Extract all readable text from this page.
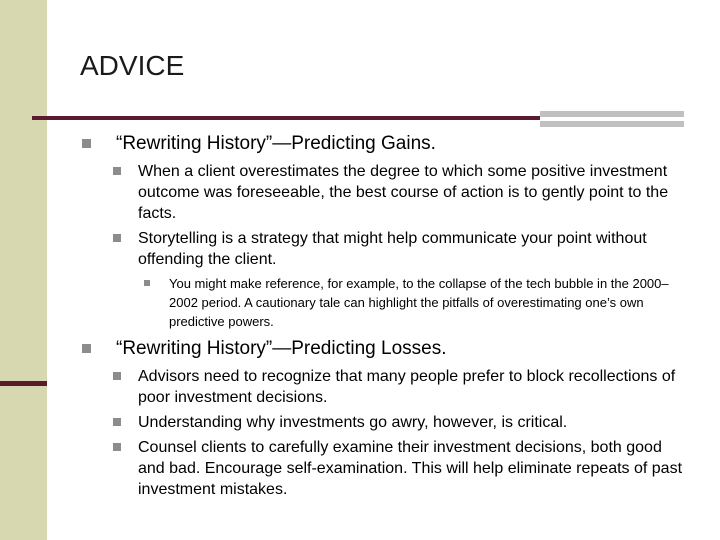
ADVICE
“Rewriting History”—Predicting Gains.
When a client overestimates the degree to which some positive investment outcome was foreseeable, the best course of action is to gently point to the facts.
Storytelling is a strategy that might help communicate your point without offending the client.
You might make reference, for example, to the collapse of the tech bubble in the 2000–2002 period. A cautionary tale can highlight the pitfalls of overestimating one’s own predictive powers.
“Rewriting History”—Predicting Losses.
Advisors need to recognize that many people prefer to block recollections of poor investment decisions.
Understanding why investments go awry, however, is critical.
Counsel clients to carefully examine their investment decisions, both good and bad. Encourage self-examination. This will help eliminate repeats of past investment mistakes.
